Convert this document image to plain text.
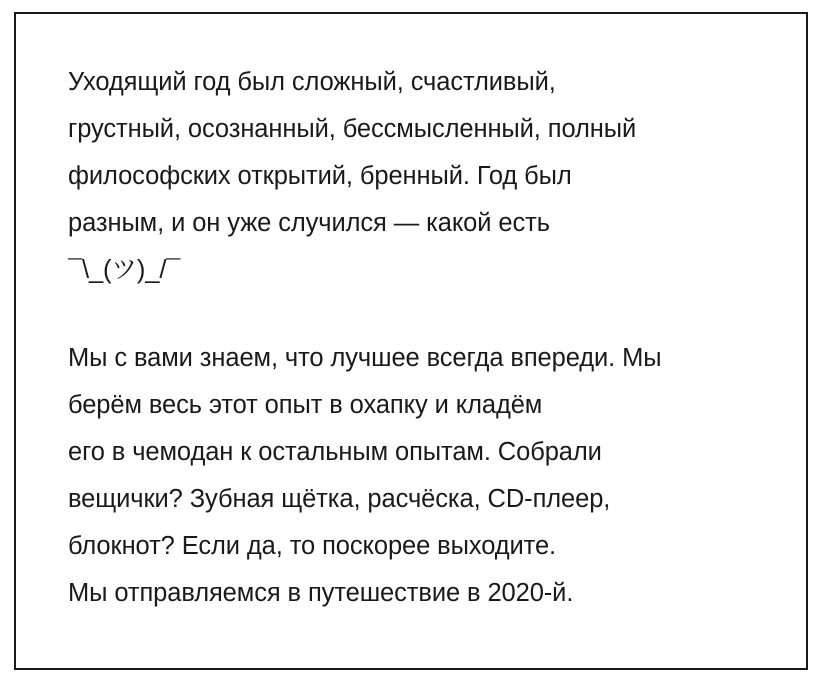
Уходящий год был сложный, счастливый,
грустный, осознанный, бессмысленный, полный
философских открытий, бренный. Год был
разным, и он уже случился — какой есть
¯\_(ツ)_/¯
Мы с вами знаем, что лучшее всегда впереди. Мы
берём весь этот опыт в охапку и кладём
его в чемодан к остальным опытам. Собрали
вещички? Зубная щётка, расчёска, CD-плеер,
блокнот? Если да, то поскорее выходите.
Мы отправляемся в путешествие в 2020-й.
